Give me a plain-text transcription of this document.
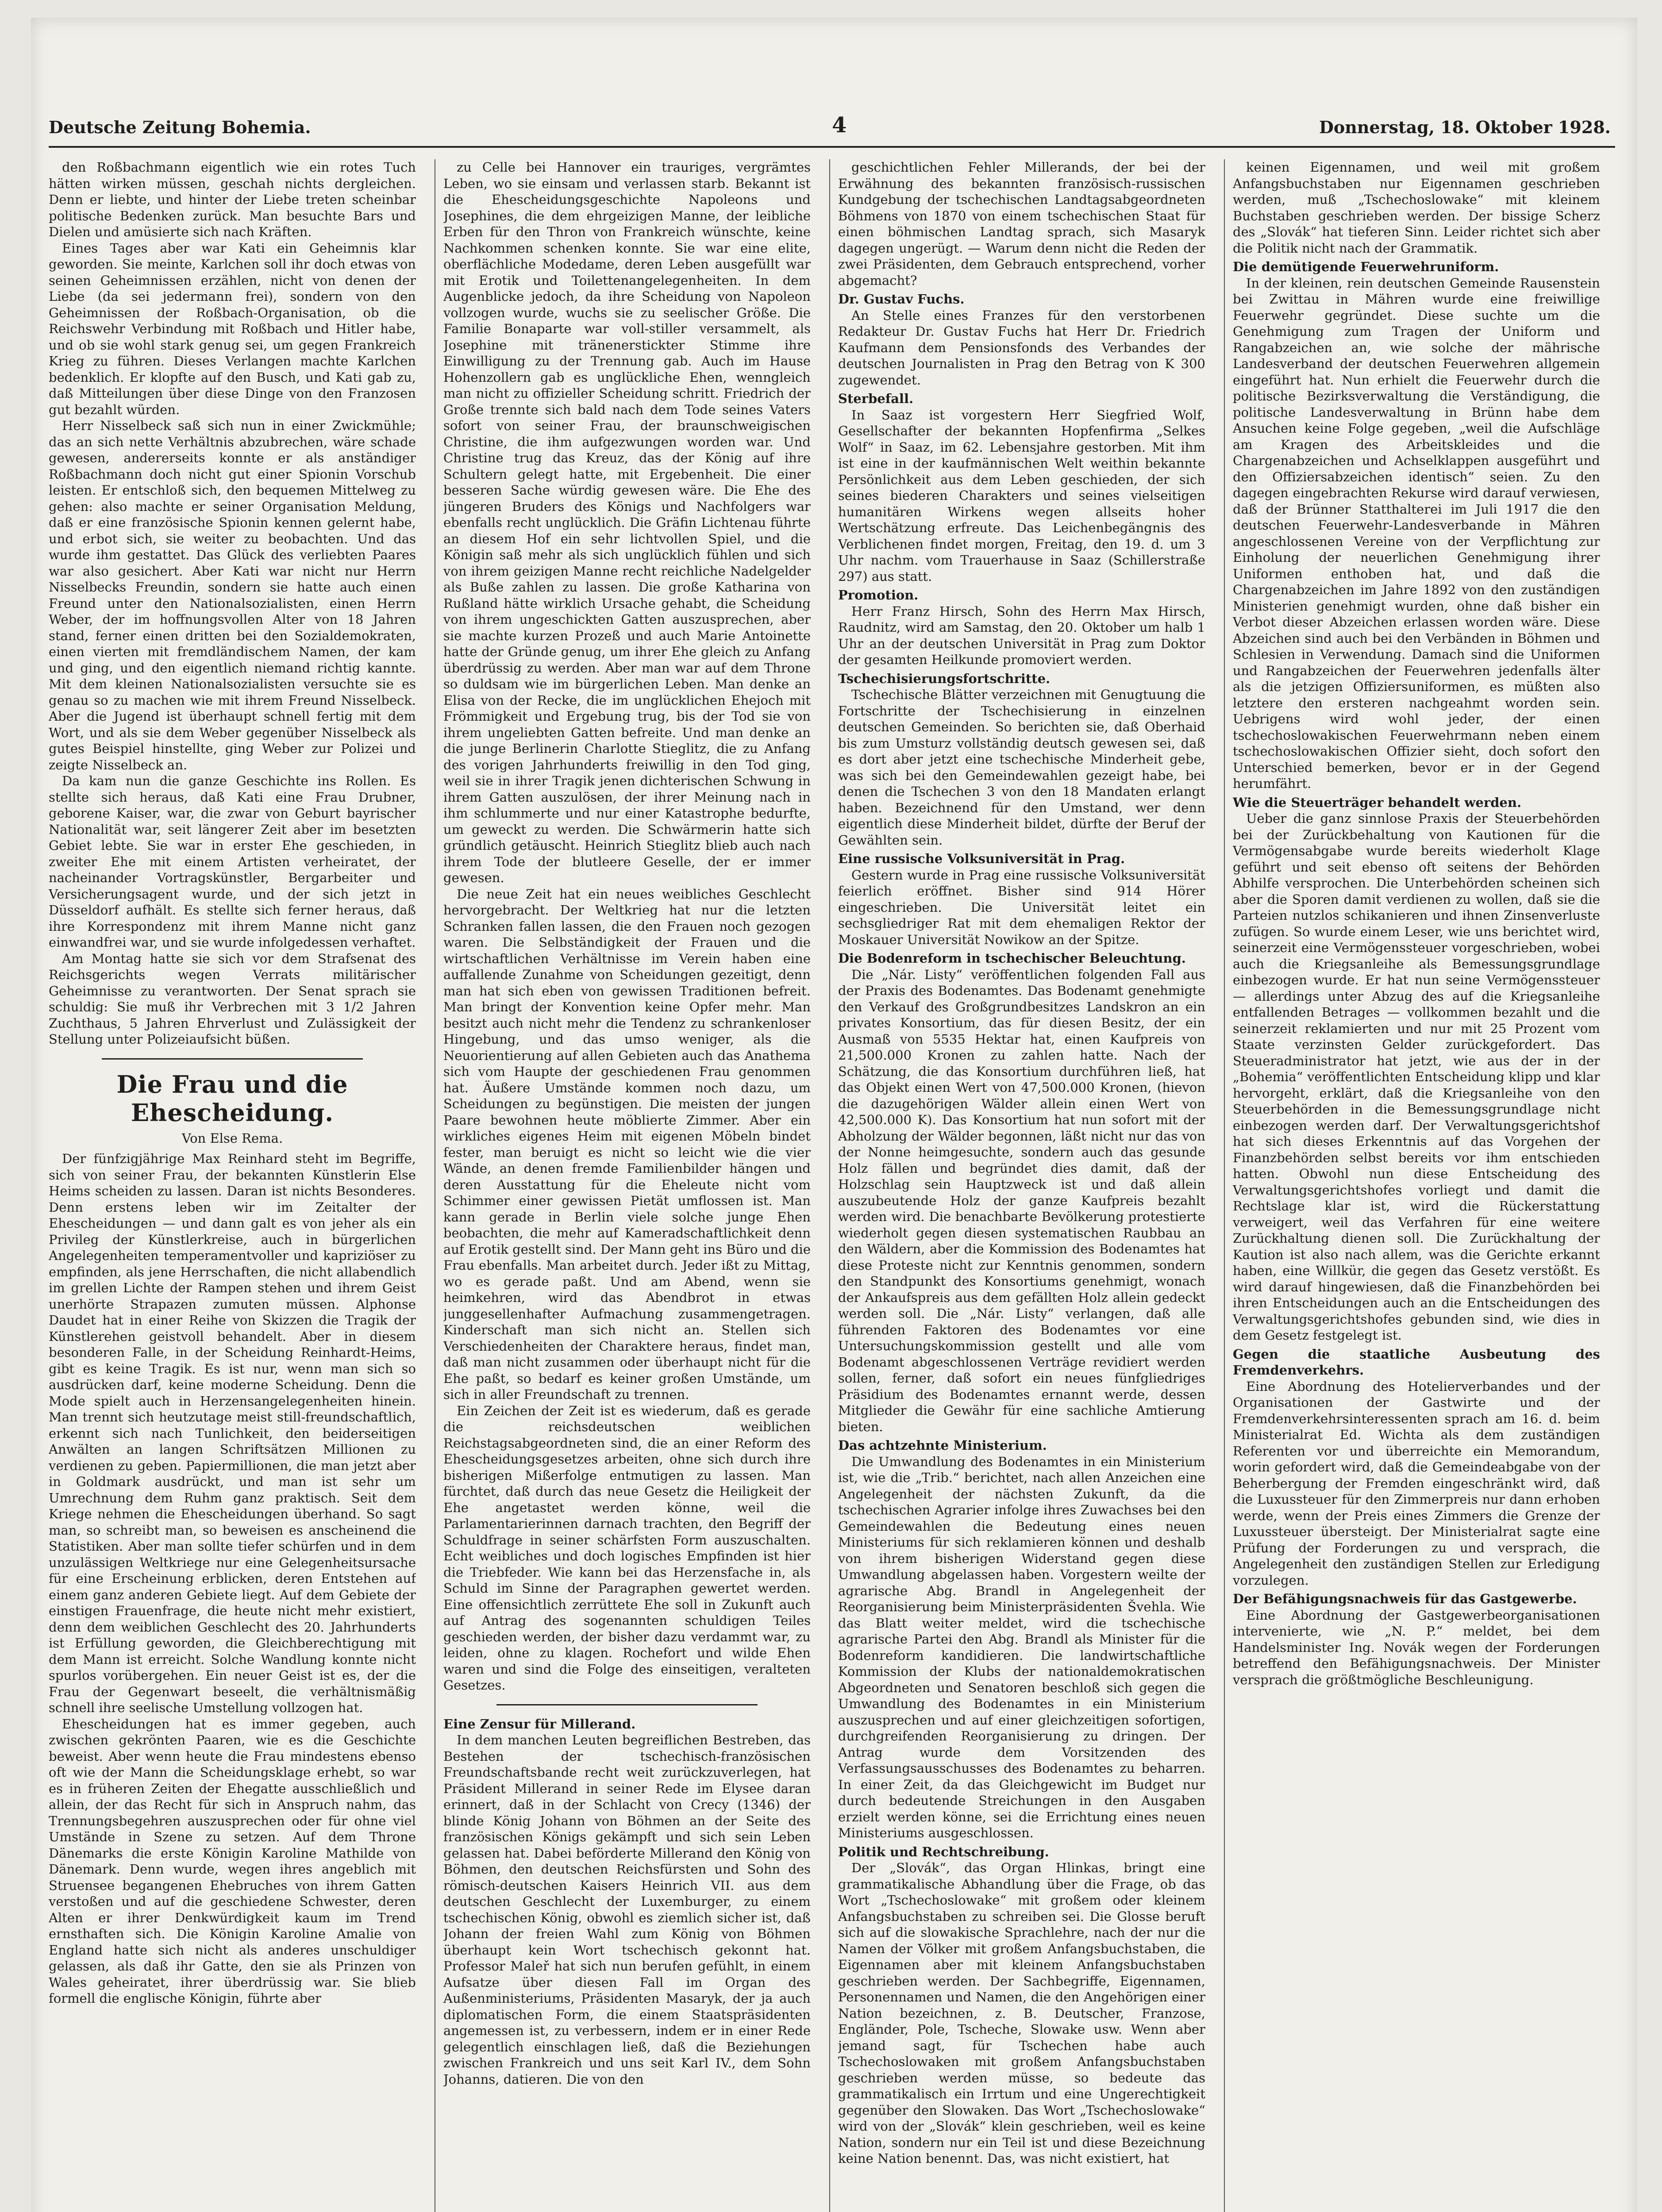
Deutsche Zeitung Bohemia.	4	Donnerstag, 18. Oktober 1928.

den Roßbachmann eigentlich wie ein rotes Tuch hätten wirken müssen, geschah nichts dergleichen. Denn er liebte, und hinter der Liebe treten scheinbar politische Bedenken zurück. Man besuchte Bars und Dielen und amüsierte sich nach Kräften.

Eines Tages aber war Kati ein Geheimnis klar geworden. Sie meinte, Karlchen soll ihr doch etwas von seinen Geheimnissen erzählen, nicht von denen der Liebe (da sei jedermann frei), sondern von den Geheimnissen der Roßbach-Organisation, ob die Reichswehr Verbindung mit Roßbach und Hitler habe, und ob sie wohl stark genug sei, um gegen Frankreich Krieg zu führen. Dieses Verlangen machte Karlchen bedenklich. Er klopfte auf den Busch, und Kati gab zu, daß Mitteilungen über diese Dinge von den Franzosen gut bezahlt würden.

Herr Nisselbeck saß sich nun in einer Zwickmühle; das an sich nette Verhältnis abzubrechen, wäre schade gewesen, andererseits konnte er als anständiger Roßbachmann doch nicht gut einer Spionin Vorschub leisten. Er entschloß sich, den bequemen Mittelweg zu gehen: also machte er seiner Organisation Meldung, daß er eine französische Spionin kennen gelernt habe, und erbot sich, sie weiter zu beobachten. Und das wurde ihm gestattet. Das Glück des verliebten Paares war also gesichert. Aber Kati war nicht nur Herrn Nisselbecks Freundin, sondern sie hatte auch einen Freund unter den Nationalsozialisten, einen Herrn Weber, der im hoffnungsvollen Alter von 18 Jahren stand, ferner einen dritten bei den Sozialdemokraten, einen vierten mit fremdländischem Namen, der kam und ging, und den eigentlich niemand richtig kannte. Mit dem kleinen Nationalsozialisten versuchte sie es genau so zu machen wie mit ihrem Freund Nisselbeck. Aber die Jugend ist überhaupt schnell fertig mit dem Wort, und als sie dem Weber gegenüber Nisselbeck als gutes Beispiel hinstellte, ging Weber zur Polizei und zeigte Nisselbeck an.

Da kam nun die ganze Geschichte ins Rollen. Es stellte sich heraus, daß Kati eine Frau Drubner, geborene Kaiser, war, die zwar von Geburt bayrischer Nationalität war, seit längerer Zeit aber im besetzten Gebiet lebte. Sie war in erster Ehe geschieden, in zweiter Ehe mit einem Artisten verheiratet, der nacheinander Vortragskünstler, Bergarbeiter und Versicherungsagent wurde, und der sich jetzt in Düsseldorf aufhält. Es stellte sich ferner heraus, daß ihre Korrespondenz mit ihrem Manne nicht ganz einwandfrei war, und sie wurde infolgedessen verhaftet.

Am Montag hatte sie sich vor dem Strafsenat des Reichsgerichts wegen Verrats militärischer Geheimnisse zu verantworten. Der Senat sprach sie schuldig: Sie muß ihr Verbrechen mit 3 1/2 Jahren Zuchthaus, 5 Jahren Ehrverlust und Zulässigkeit der Stellung unter Polizeiaufsicht büßen.

Die Frau und die Ehescheidung.

Von Else Rema.

Der fünfzigjährige Max Reinhard steht im Begriffe, sich von seiner Frau, der bekannten Künstlerin Else Heims scheiden zu lassen. Daran ist nichts Besonderes. Denn erstens leben wir im Zeitalter der Ehescheidungen — und dann galt es von jeher als ein Privileg der Künstlerkreise, auch in bürgerlichen Angelegenheiten temperamentvoller und kapriziöser zu empfinden, als jene Herrschaften, die nicht allabendlich im grellen Lichte der Rampen stehen und ihrem Geist unerhörte Strapazen zumuten müssen. Alphonse Daudet hat in einer Reihe von Skizzen die Tragik der Künstlerehen geistvoll behandelt. Aber in diesem besonderen Falle, in der Scheidung Reinhardt-Heims, gibt es keine Tragik. Es ist nur, wenn man sich so ausdrücken darf, keine moderne Scheidung. Denn die Mode spielt auch in Herzensangelegenheiten hinein. Man trennt sich heutzutage meist still-freundschaftlich, erkennt sich nach Tunlichkeit, den beiderseitigen Anwälten an langen Schriftsätzen Millionen zu verdienen zu geben. Papiermillionen, die man jetzt aber in Goldmark ausdrückt, und man ist sehr um Umrechnung dem Ruhm ganz praktisch. Seit dem Kriege nehmen die Ehescheidungen überhand. So sagt man, so schreibt man, so beweisen es anscheinend die Statistiken. Aber man sollte tiefer schürfen und in dem unzulässigen Weltkriege nur eine Gelegenheitsursache für eine Erscheinung erblicken, deren Entstehen auf einem ganz anderen Gebiete liegt. Auf dem Gebiete der einstigen Frauenfrage, die heute nicht mehr existiert, denn dem weiblichen Geschlecht des 20. Jahrhunderts ist Erfüllung geworden, die Gleichberechtigung mit dem Mann ist erreicht. Solche Wandlung konnte nicht spurlos vorübergehen. Ein neuer Geist ist es, der die Frau der Gegenwart beseelt, die verhältnismäßig schnell ihre seelische Umstellung vollzogen hat.

Ehescheidungen hat es immer gegeben, auch zwischen gekrönten Paaren, wie es die Geschichte beweist. Aber wenn heute die Frau mindestens ebenso oft wie der Mann die Scheidungsklage erhebt, so war es in früheren Zeiten der Ehegatte ausschließlich und allein, der das Recht für sich in Anspruch nahm, das Trennungsbegehren auszusprechen oder für ohne viel Umstände in Szene zu setzen. Auf dem Throne Dänemarks die erste Königin Karoline Mathilde von Dänemark. Denn wurde, wegen ihres angeblich mit Struensee begangenen Ehebruches von ihrem Gatten verstoßen und auf die geschiedene Schwester, deren Alten er ihrer Denkwürdigkeit kaum im Trend ernsthaften sich. Die Königin Karoline Amalie von England hatte sich nicht als anderes unschuldiger gelassen, als daß ihr Gatte, den sie als Prinzen von Wales geheiratet, ihrer überdrüssig war. Sie blieb formell die englische Königin, führte aber

zu Celle bei Hannover ein trauriges, vergrämtes Leben, wo sie einsam und verlassen starb. Bekannt ist die Ehescheidungsgeschichte Napoleons und Josephines, die dem ehrgeizigen Manne, der leibliche Erben für den Thron von Frankreich wünschte, keine Nachkommen schenken konnte. Sie war eine elite, oberflächliche Modedame, deren Leben ausgefüllt war mit Erotik und Toilettenangelegenheiten. In dem Augenblicke jedoch, da ihre Scheidung von Napoleon vollzogen wurde, wuchs sie zu seelischer Größe. Die Familie Bonaparte war voll-stiller versammelt, als Josephine mit tränenerstickter Stimme ihre Einwilligung zu der Trennung gab. Auch im Hause Hohenzollern gab es unglückliche Ehen, wenngleich man nicht zu offizieller Scheidung schritt. Friedrich der Große trennte sich bald nach dem Tode seines Vaters sofort von seiner Frau, der braunschweigischen Christine, die ihm aufgezwungen worden war. Und Christine trug das Kreuz, das der König auf ihre Schultern gelegt hatte, mit Ergebenheit. Die einer besseren Sache würdig gewesen wäre. Die Ehe des jüngeren Bruders des Königs und Nachfolgers war ebenfalls recht unglücklich. Die Gräfin Lichtenau führte an diesem Hof ein sehr lichtvollen Spiel, und die Königin saß mehr als sich unglücklich fühlen und sich von ihrem geizigen Manne recht reichliche Nadelgelder als Buße zahlen zu lassen. Die große Katharina von Rußland hätte wirklich Ursache gehabt, die Scheidung von ihrem ungeschickten Gatten auszusprechen, aber sie machte kurzen Prozeß und auch Marie Antoinette hatte der Gründe genug, um ihrer Ehe gleich zu Anfang überdrüssig zu werden. Aber man war auf dem Throne so duldsam wie im bürgerlichen Leben. Man denke an Elisa von der Recke, die im unglücklichen Ehejoch mit Frömmigkeit und Ergebung trug, bis der Tod sie von ihrem ungeliebten Gatten befreite. Und man denke an die junge Berlinerin Charlotte Stieglitz, die zu Anfang des vorigen Jahrhunderts freiwillig in den Tod ging, weil sie in ihrer Tragik jenen dichterischen Schwung in ihrem Gatten auszulösen, der ihrer Meinung nach in ihm schlummerte und nur einer Katastrophe bedurfte, um geweckt zu werden. Die Schwärmerin hatte sich gründlich getäuscht. Heinrich Stieglitz blieb auch nach ihrem Tode der blutleere Geselle, der er immer gewesen.

Die neue Zeit hat ein neues weibliches Geschlecht hervorgebracht. Der Weltkrieg hat nur die letzten Schranken fallen lassen, die den Frauen noch gezogen waren. Die Selbständigkeit der Frauen und die wirtschaftlichen Verhältnisse im Verein haben eine auffallende Zunahme von Scheidungen gezeitigt, denn man hat sich eben von gewissen Traditionen befreit. Man bringt der Konvention keine Opfer mehr. Man besitzt auch nicht mehr die Tendenz zu schrankenloser Hingebung, und das umso weniger, als die Neuorientierung auf allen Gebieten auch das Anathema sich vom Haupte der geschiedenen Frau genommen hat. Äußere Umstände kommen noch dazu, um Scheidungen zu begünstigen. Die meisten der jungen Paare bewohnen heute möblierte Zimmer. Aber ein wirkliches eigenes Heim mit eigenen Möbeln bindet fester, man beruigt es nicht so leicht wie die vier Wände, an denen fremde Familienbilder hängen und deren Ausstattung für die Eheleute nicht vom Schimmer einer gewissen Pietät umflossen ist. Man kann gerade in Berlin viele solche junge Ehen beobachten, die mehr auf Kameradschaftlichkeit denn auf Erotik gestellt sind. Der Mann geht ins Büro und die Frau ebenfalls. Man arbeitet durch. Jeder ißt zu Mittag, wo es gerade paßt. Und am Abend, wenn sie heimkehren, wird das Abendbrot in etwas junggesellenhafter Aufmachung zusammengetragen. Kinderschaft man sich nicht an. Stellen sich Verschiedenheiten der Charaktere heraus, findet man, daß man nicht zusammen oder überhaupt nicht für die Ehe paßt, so bedarf es keiner großen Umstände, um sich in aller Freundschaft zu trennen.

Ein Zeichen der Zeit ist es wiederum, daß es gerade die reichsdeutschen weiblichen Reichstagsabgeordneten sind, die an einer Reform des Ehescheidungsgesetzes arbeiten, ohne sich durch ihre bisherigen Mißerfolge entmutigen zu lassen. Man fürchtet, daß durch das neue Gesetz die Heiligkeit der Ehe angetastet werden könne, weil die Parlamentarierinnen darnach trachten, den Begriff der Schuldfrage in seiner schärfsten Form auszuschalten. Echt weibliches und doch logisches Empfinden ist hier die Triebfeder. Wie kann bei das Herzensfache in, als Schuld im Sinne der Paragraphen gewertet werden. Eine offensichtlich zerrüttete Ehe soll in Zukunft auch auf Antrag des sogenannten schuldigen Teiles geschieden werden, der bisher dazu verdammt war, zu leiden, ohne zu klagen. Rochefort und wilde Ehen waren und sind die Folge des einseitigen, veralteten Gesetzes.

Eine Zensur für Millerand.

In dem manchen Leuten begreiflichen Bestreben, das Bestehen der tschechisch-französischen Freundschaftsbande recht weit zurückzuverlegen, hat Präsident Millerand in seiner Rede im Elysee daran erinnert, daß in der Schlacht von Crecy (1346) der blinde König Johann von Böhmen an der Seite des französischen Königs gekämpft und sich sein Leben gelassen hat. Dabei beförderte Millerand den König von Böhmen, den deutschen Reichsfürsten und Sohn des römisch-deutschen Kaisers Heinrich VII. aus dem deutschen Geschlecht der Luxemburger, zu einem tschechischen König, obwohl es ziemlich sicher ist, daß Johann der freien Wahl zum König von Böhmen überhaupt kein Wort tschechisch gekonnt hat. Professor Maleř hat sich nun berufen gefühlt, in einem Aufsatze über diesen Fall im Organ des Außenministeriums, Präsidenten Masaryk, der ja auch diplomatischen Form, die einem Staatspräsidenten angemessen ist, zu verbessern, indem er in einer Rede gelegentlich einschlagen ließ, daß die Beziehungen zwischen Frankreich und uns seit Karl IV., dem Sohn Johanns, datieren. Die von den

geschichtlichen Fehler Millerands, der bei der Erwähnung des bekannten französisch-russischen Kundgebung der tschechischen Landtagsabgeordneten Böhmens von 1870 von einem tschechischen Staat für einen böhmischen Landtag sprach, sich Masaryk dagegen ungerügt. — Warum denn nicht die Reden der zwei Präsidenten, dem Gebrauch entsprechend, vorher abgemacht?

Dr. Gustav Fuchs.

An Stelle eines Franzes für den verstorbenen Redakteur Dr. Gustav Fuchs hat Herr Dr. Friedrich Kaufmann dem Pensionsfonds des Verbandes der deutschen Journalisten in Prag den Betrag von K 300 zugewendet.

Sterbefall.

In Saaz ist vorgestern Herr Siegfried Wolf, Gesellschafter der bekannten Hopfenfirma „Selkes Wolf“ in Saaz, im 62. Lebensjahre gestorben. Mit ihm ist eine in der kaufmännischen Welt weithin bekannte Persönlichkeit aus dem Leben geschieden, der sich seines biederen Charakters und seines vielseitigen humanitären Wirkens wegen allseits hoher Wertschätzung erfreute. Das Leichenbegängnis des Verblichenen findet morgen, Freitag, den 19. d. um 3 Uhr nachm. vom Trauerhause in Saaz (Schillerstraße 297) aus statt.

Promotion.

Herr Franz Hirsch, Sohn des Herrn Max Hirsch, Raudnitz, wird am Samstag, den 20. Oktober um halb 1 Uhr an der deutschen Universität in Prag zum Doktor der gesamten Heilkunde promoviert werden.

Tschechisierungsfortschritte.

Tschechische Blätter verzeichnen mit Genugtuung die Fortschritte der Tschechisierung in einzelnen deutschen Gemeinden. So berichten sie, daß Oberhaid bis zum Umsturz vollständig deutsch gewesen sei, daß es dort aber jetzt eine tschechische Minderheit gebe, was sich bei den Gemeindewahlen gezeigt habe, bei denen die Tschechen 3 von den 18 Mandaten erlangt haben. Bezeichnend für den Umstand, wer denn eigentlich diese Minderheit bildet, dürfte der Beruf der Gewählten sein.

Eine russische Volksuniversität in Prag.

Gestern wurde in Prag eine russische Volksuniversität feierlich eröffnet. Bisher sind 914 Hörer eingeschrieben. Die Universität leitet ein sechsgliedriger Rat mit dem ehemaligen Rektor der Moskauer Universität Nowikow an der Spitze.

Die Bodenreform in tschechischer Beleuchtung.

Die „Nár. Listy“ veröffentlichen folgenden Fall aus der Praxis des Bodenamtes. Das Bodenamt genehmigte den Verkauf des Großgrundbesitzes Landskron an ein privates Konsortium, das für diesen Besitz, der ein Ausmaß von 5535 Hektar hat, einen Kaufpreis von 21,500.000 Kronen zu zahlen hatte. Nach der Schätzung, die das Konsortium durchführen ließ, hat das Objekt einen Wert von 47,500.000 Kronen, (hievon die dazugehörigen Wälder allein einen Wert von 42,500.000 K). Das Konsortium hat nun sofort mit der Abholzung der Wälder begonnen, läßt nicht nur das von der Nonne heimgesuchte, sondern auch das gesunde Holz fällen und begründet dies damit, daß der Holzschlag sein Hauptzweck ist und daß allein auszubeutende Holz der ganze Kaufpreis bezahlt werden wird. Die benachbarte Bevölkerung protestierte wiederholt gegen diesen systematischen Raubbau an den Wäldern, aber die Kommission des Bodenamtes hat diese Proteste nicht zur Kenntnis genommen, sondern den Standpunkt des Konsortiums genehmigt, wonach der Ankaufspreis aus dem gefällten Holz allein gedeckt werden soll. Die „Nár. Listy“ verlangen, daß alle führenden Faktoren des Bodenamtes vor eine Untersuchungskommission gestellt und alle vom Bodenamt abgeschlossenen Verträge revidiert werden sollen, ferner, daß sofort ein neues fünfgliedriges Präsidium des Bodenamtes ernannt werde, dessen Mitglieder die Gewähr für eine sachliche Amtierung bieten.

Das achtzehnte Ministerium.

Die Umwandlung des Bodenamtes in ein Ministerium ist, wie die „Trib.“ berichtet, nach allen Anzeichen eine Angelegenheit der nächsten Zukunft, da die tschechischen Agrarier infolge ihres Zuwachses bei den Gemeindewahlen die Bedeutung eines neuen Ministeriums für sich reklamieren können und deshalb von ihrem bisherigen Widerstand gegen diese Umwandlung abgelassen haben. Vorgestern weilte der agrarische Abg. Brandl in Angelegenheit der Reorganisierung beim Ministerpräsidenten Švehla. Wie das Blatt weiter meldet, wird die tschechische agrarische Partei den Abg. Brandl als Minister für die Bodenreform kandidieren. Die landwirtschaftliche Kommission der Klubs der nationaldemokratischen Abgeordneten und Senatoren beschloß sich gegen die Umwandlung des Bodenamtes in ein Ministerium auszusprechen und auf einer gleichzeitigen sofortigen, durchgreifenden Reorganisierung zu dringen. Der Antrag wurde dem Vorsitzenden des Verfassungsausschusses des Bodenamtes zu beharren. In einer Zeit, da das Gleichgewicht im Budget nur durch bedeutende Streichungen in den Ausgaben erzielt werden könne, sei die Errichtung eines neuen Ministeriums ausgeschlossen.

Politik und Rechtschreibung.

Der „Slovák“, das Organ Hlinkas, bringt eine grammatikalische Abhandlung über die Frage, ob das Wort „Tschechoslowake“ mit großem oder kleinem Anfangsbuchstaben zu schreiben sei. Die Glosse beruft sich auf die slowakische Sprachlehre, nach der nur die Namen der Völker mit großem Anfangsbuchstaben, die Eigennamen aber mit kleinem Anfangsbuchstaben geschrieben werden. Der Sachbegriffe, Eigennamen, Personennamen und Namen, die den Angehörigen einer Nation bezeichnen, z. B. Deutscher, Franzose, Engländer, Pole, Tscheche, Slowake usw. Wenn aber jemand sagt, für Tschechen habe auch Tschechoslowaken mit großem Anfangsbuchstaben geschrieben werden müsse, so bedeute das grammatikalisch ein Irrtum und eine Ungerechtigkeit gegenüber den Slowaken. Das Wort „Tschechoslowake“ wird von der „Slovák“ klein geschrieben, weil es keine Nation, sondern nur ein Teil ist und diese Bezeichnung keine Nation benennt. Das, was nicht existiert, hat

keinen Eigennamen, und weil mit großem Anfangsbuchstaben nur Eigennamen geschrieben werden, muß „Tschechoslowake“ mit kleinem Buchstaben geschrieben werden. Der bissige Scherz des „Slovák“ hat tieferen Sinn. Leider richtet sich aber die Politik nicht nach der Grammatik.

Die demütigende Feuerwehruniform.

In der kleinen, rein deutschen Gemeinde Rausenstein bei Zwittau in Mähren wurde eine freiwillige Feuerwehr gegründet. Diese suchte um die Genehmigung zum Tragen der Uniform und Rangabzeichen an, wie solche der mährische Landesverband der deutschen Feuerwehren allgemein eingeführt hat. Nun erhielt die Feuerwehr durch die politische Bezirksverwaltung die Verständigung, die politische Landesverwaltung in Brünn habe dem Ansuchen keine Folge gegeben, „weil die Aufschläge am Kragen des Arbeitskleides und die Chargenabzeichen und Achselklappen ausgeführt und den Offiziersabzeichen identisch“ seien. Zu den dagegen eingebrachten Rekurse wird darauf verwiesen, daß der Brünner Statthalterei im Juli 1917 die den deutschen Feuerwehr-Landesverbande in Mähren angeschlossenen Vereine von der Verpflichtung zur Einholung der neuerlichen Genehmigung ihrer Uniformen enthoben hat, und daß die Chargenabzeichen im Jahre 1892 von den zuständigen Ministerien genehmigt wurden, ohne daß bisher ein Verbot dieser Abzeichen erlassen worden wäre. Diese Abzeichen sind auch bei den Verbänden in Böhmen und Schlesien in Verwendung. Damach sind die Uniformen und Rangabzeichen der Feuerwehren jedenfalls älter als die jetzigen Offiziersuniformen, es müßten also letztere den ersteren nachgeahmt worden sein. Uebrigens wird wohl jeder, der einen tschechoslowakischen Feuerwehrmann neben einem tschechoslowakischen Offizier sieht, doch sofort den Unterschied bemerken, bevor er in der Gegend herumfährt.

Wie die Steuerträger behandelt werden.

Ueber die ganz sinnlose Praxis der Steuerbehörden bei der Zurückbehaltung von Kautionen für die Vermögensabgabe wurde bereits wiederholt Klage geführt und seit ebenso oft seitens der Behörden Abhilfe versprochen. Die Unterbehörden scheinen sich aber die Sporen damit verdienen zu wollen, daß sie die Parteien nutzlos schikanieren und ihnen Zinsenverluste zufügen. So wurde einem Leser, wie uns berichtet wird, seinerzeit eine Vermögenssteuer vorgeschrieben, wobei auch die Kriegsanleihe als Bemessungsgrundlage einbezogen wurde. Er hat nun seine Vermögenssteuer — allerdings unter Abzug des auf die Kriegsanleihe entfallenden Betrages — vollkommen bezahlt und die seinerzeit reklamierten und nur mit 25 Prozent vom Staate verzinsten Gelder zurückgefordert. Das Steueradministrator hat jetzt, wie aus der in der „Bohemia“ veröffentlichten Entscheidung klipp und klar hervorgeht, erklärt, daß die Kriegsanleihe von den Steuerbehörden in die Bemessungsgrundlage nicht einbezogen werden darf. Der Verwaltungsgerichtshof hat sich dieses Erkenntnis auf das Vorgehen der Finanzbehörden selbst bereits vor ihm entschieden hatten. Obwohl nun diese Entscheidung des Verwaltungsgerichtshofes vorliegt und damit die Rechtslage klar ist, wird die Rückerstattung verweigert, weil das Verfahren für eine weitere Zurückhaltung dienen soll. Die Zurückhaltung der Kaution ist also nach allem, was die Gerichte erkannt haben, eine Willkür, die gegen das Gesetz verstößt. Es wird darauf hingewiesen, daß die Finanzbehörden bei ihren Entscheidungen auch an die Entscheidungen des Verwaltungsgerichtshofes gebunden sind, wie dies in dem Gesetz festgelegt ist.

Gegen die staatliche Ausbeutung des Fremdenverkehrs.

Eine Abordnung des Hotelierverbandes und der Organisationen der Gastwirte und der Fremdenverkehrsinteressenten sprach am 16. d. beim Ministerialrat Ed. Wichta als dem zuständigen Referenten vor und überreichte ein Memorandum, worin gefordert wird, daß die Gemeindeabgabe von der Beherbergung der Fremden eingeschränkt wird, daß die Luxussteuer für den Zimmerpreis nur dann erhoben werde, wenn der Preis eines Zimmers die Grenze der Luxussteuer übersteigt. Der Ministerialrat sagte eine Prüfung der Forderungen zu und versprach, die Angelegenheit den zuständigen Stellen zur Erledigung vorzulegen.

Der Befähigungsnachweis für das Gastgewerbe.

Eine Abordnung der Gastgewerbeorganisationen intervenierte, wie „N. P.“ meldet, bei dem Handelsminister Ing. Novák wegen der Forderungen betreffend den Befähigungsnachweis. Der Minister versprach die größtmögliche Beschleunigung.
